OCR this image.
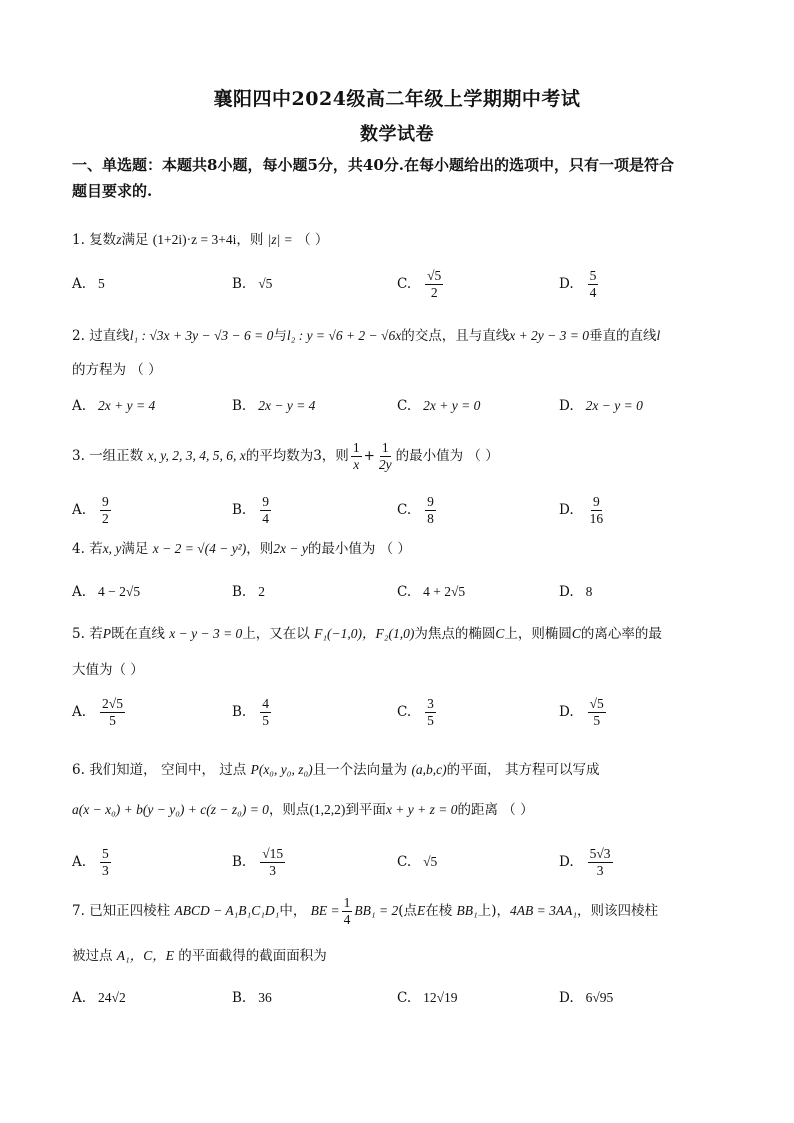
襄阳四中2024级高二年级上学期期中考试
数学试卷
一、单选题：本题共8小题，每小题5分，共40分.在每小题给出的选项中，只有一项是符合
题目要求的.
1. 复数z满足 (1+2i)·z = 3+4i，则 |z| = （ ）
A. 5	B. √5	C. $\frac{√5}{2}$	D. $\frac{5}{4}$
2. 过直线l₁ : √3x + 3y − √3 − 6 = 0与l₂ : y = √6 + 2 − √6x的交点，且与直线x + 2y − 3 = 0垂直的直线l
的方程为 （ ）
A. 2x + y = 4	B. 2x − y = 4	C. 2x + y = 0	D. 2x − y = 0
3.
一组正数
x, y, 2, 3, 4, 5, 6, x 的平均数为3，则 $\frac{1}{x} + \frac{1}{2y}$ 的最小值为 （ ）
A. $\frac{9}{2}$	B. $\frac{9}{4}$	C. $\frac{9}{8}$	D. $\frac{9}{16}$
4. 若x, y满足 x − 2 = √(4 − y²)，则2x − y的最小值为 （ ）
A. 4 − 2√5	B. 2	C. 4 + 2√5	D. 8
5. 若P既在直线 x − y − 3 = 0上，又在以 F₁(−1,0)，F₂(1,0)为焦点的椭圆C上，则椭圆C的离心率的最
大值为（ ）
A. $\frac{2√5}{5}$	B. $\frac{4}{5}$	C. $\frac{3}{5}$	D. $\frac{√5}{5}$
6. 我们知道， 空间中， 过点 P(x₀, y₀, z₀)且一个法向量为 (a,b,c)的平面， 其方程可以写成
a(x − x₀) + b(y − y₀) + c(z − z₀) = 0，则点(1,2,2)到平面x + y + z = 0的距离 （ ）
A. $\frac{5}{3}$	B. $\frac{√15}{3}$	C. √5	D. $\frac{5√3}{3}$
7.
已知正四棱柱
ABCD − A₁B₁C₁D₁ 中，
BE = $\frac{1}{4} BB_1 = 2$ (点 E 在棱
BB₁ 上)， 4AB = 3AA₁ ，则该四棱柱
被过点 A₁，C，E 的平面截得的截面面积为
A. 24√2	B. 36	C. 12√19	D. 6√95
